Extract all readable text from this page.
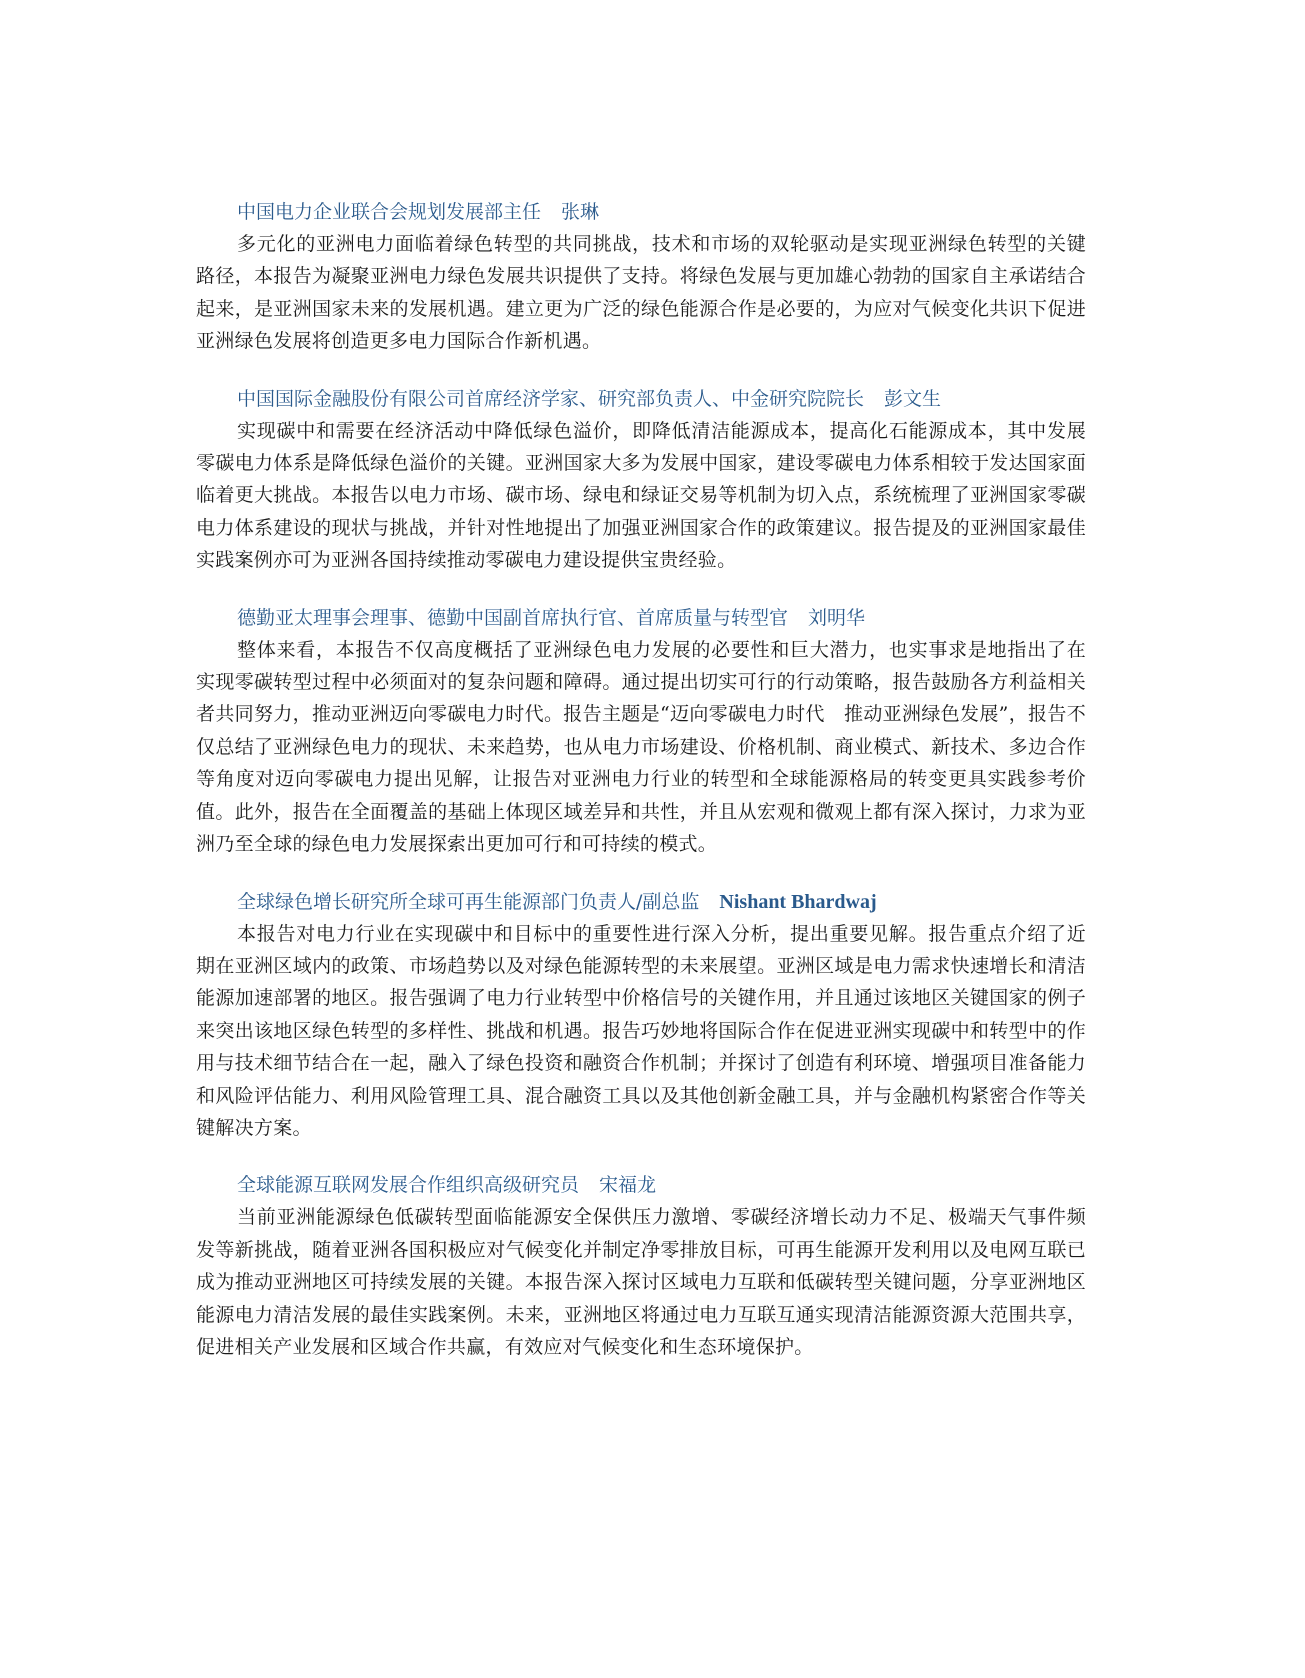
中国电力企业联合会规划发展部主任 张琳

多元化的亚洲电力面临着绿色转型的共同挑战，技术和市场的双轮驱动是实现亚洲绿色转型的关键路径，本报告为凝聚亚洲电力绿色发展共识提供了支持。将绿色发展与更加雄心勃勃的国家自主承诺结合起来，是亚洲国家未来的发展机遇。建立更为广泛的绿色能源合作是必要的，为应对气候变化共识下促进亚洲绿色发展将创造更多电力国际合作新机遇。

中国国际金融股份有限公司首席经济学家、研究部负责人、中金研究院院长 彭文生

实现碳中和需要在经济活动中降低绿色溢价，即降低清洁能源成本，提高化石能源成本，其中发展零碳电力体系是降低绿色溢价的关键。亚洲国家大多为发展中国家，建设零碳电力体系相较于发达国家面临着更大挑战。本报告以电力市场、碳市场、绿电和绿证交易等机制为切入点，系统梳理了亚洲国家零碳电力体系建设的现状与挑战，并针对性地提出了加强亚洲国家合作的政策建议。报告提及的亚洲国家最佳实践案例亦可为亚洲各国持续推动零碳电力建设提供宝贵经验。

德勤亚太理事会理事、德勤中国副首席执行官、首席质量与转型官 刘明华

整体来看，本报告不仅高度概括了亚洲绿色电力发展的必要性和巨大潜力，也实事求是地指出了在实现零碳转型过程中必须面对的复杂问题和障碍。通过提出切实可行的行动策略，报告鼓励各方利益相关者共同努力，推动亚洲迈向零碳电力时代。报告主题是“迈向零碳电力时代　推动亚洲绿色发展”，报告不仅总结了亚洲绿色电力的现状、未来趋势，也从电力市场建设、价格机制、商业模式、新技术、多边合作等角度对迈向零碳电力提出见解，让报告对亚洲电力行业的转型和全球能源格局的转变更具实践参考价值。此外，报告在全面覆盖的基础上体现区域差异和共性，并且从宏观和微观上都有深入探讨，力求为亚洲乃至全球的绿色电力发展探索出更加可行和可持续的模式。

全球绿色增长研究所全球可再生能源部门负责人/副总监 Nishant Bhardwaj

本报告对电力行业在实现碳中和目标中的重要性进行深入分析，提出重要见解。报告重点介绍了近期在亚洲区域内的政策、市场趋势以及对绿色能源转型的未来展望。亚洲区域是电力需求快速增长和清洁能源加速部署的地区。报告强调了电力行业转型中价格信号的关键作用，并且通过该地区关键国家的例子来突出该地区绿色转型的多样性、挑战和机遇。报告巧妙地将国际合作在促进亚洲实现碳中和转型中的作用与技术细节结合在一起，融入了绿色投资和融资合作机制；并探讨了创造有利环境、增强项目准备能力和风险评估能力、利用风险管理工具、混合融资工具以及其他创新金融工具，并与金融机构紧密合作等关键解决方案。

全球能源互联网发展合作组织高级研究员 宋福龙

当前亚洲能源绿色低碳转型面临能源安全保供压力激增、零碳经济增长动力不足、极端天气事件频发等新挑战，随着亚洲各国积极应对气候变化并制定净零排放目标，可再生能源开发利用以及电网互联已成为推动亚洲地区可持续发展的关键。本报告深入探讨区域电力互联和低碳转型关键问题，分享亚洲地区能源电力清洁发展的最佳实践案例。未来，亚洲地区将通过电力互联互通实现清洁能源资源大范围共享，促进相关产业发展和区域合作共赢，有效应对气候变化和生态环境保护。
